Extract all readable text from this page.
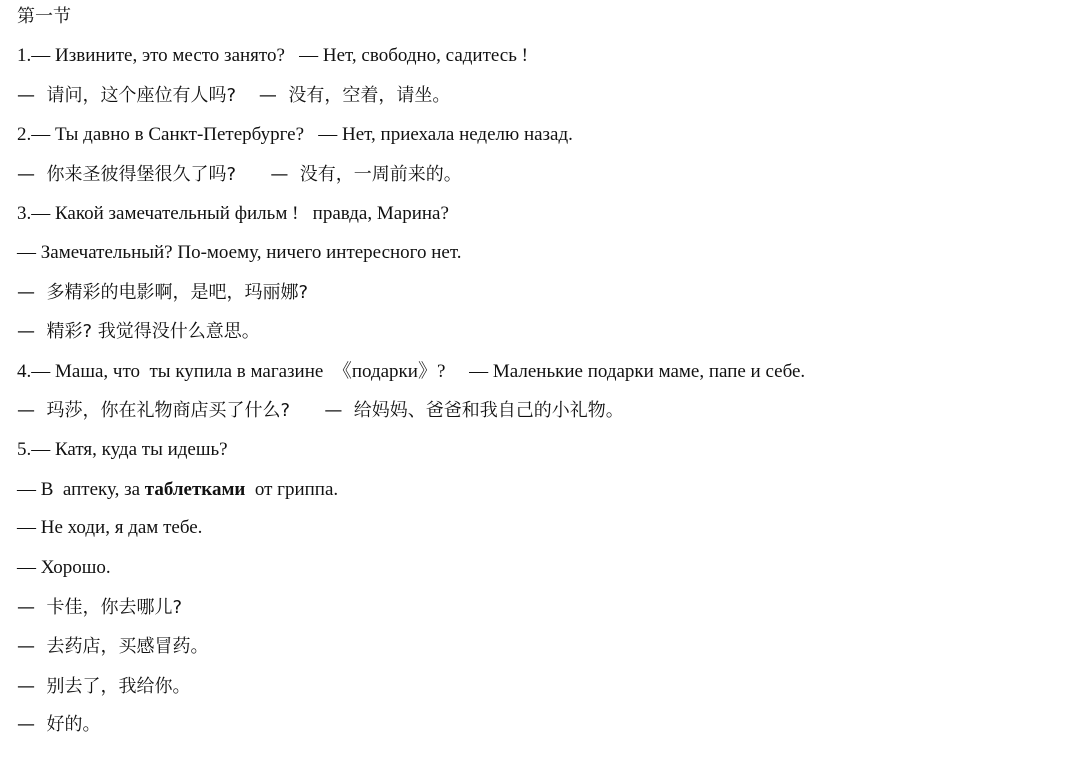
第一节
1.— Извините, это место занято?   — Нет, свободно, садитесь !
—  请问，这个座位有人吗?    —  没有，空着，请坐。
2.— Ты давно в Санкт-Петербурге?   — Нет, приехала неделю назад.
—  你来圣彼得堡很久了吗?      —  没有，一周前来的。
3.— Какой замечательный фильм !   правда, Марина?
— Замечательный? По-моему, ничего интересного нет.
—  多精彩的电影啊，是吧，玛丽娜?
—  精彩? 我觉得没什么意思。
4.— Маша, что  ты купила в магазине  《подарки》?     — Маленькие подарки маме, папе и себе.
—  玛莎，你在礼物商店买了什么?      —  给妈妈、爸爸和我自己的小礼物。
5.— Катя, куда ты идешь?
— В  аптеку, за таблетками  от гриппа.
— Не ходи, я дам тебе.
— Хорошо.
—  卡佳，你去哪儿?
—  去药店，买感冒药。
—  别去了，我给你。
—  好的。
